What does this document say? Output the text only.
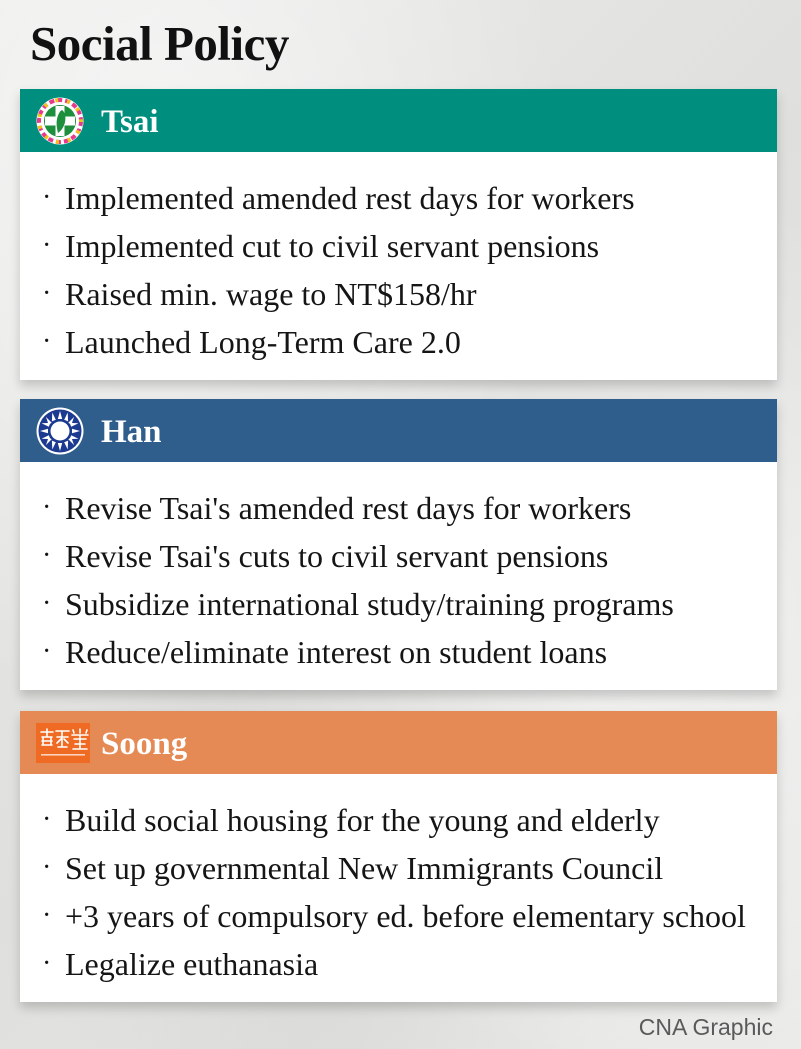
Social Policy
Tsai
· Implemented amended rest days for workers
· Implemented cut to civil servant pensions
· Raised min. wage to NT$158/hr
· Launched Long-Term Care 2.0
Han
· Revise Tsai's amended rest days for workers
· Revise Tsai's cuts to civil servant pensions
· Subsidize international study/training programs
· Reduce/eliminate interest on student loans
Soong
· Build social housing for the young and elderly
· Set up governmental New Immigrants Council
· +3 years of compulsory ed. before elementary school
· Legalize euthanasia
CNA Graphic
